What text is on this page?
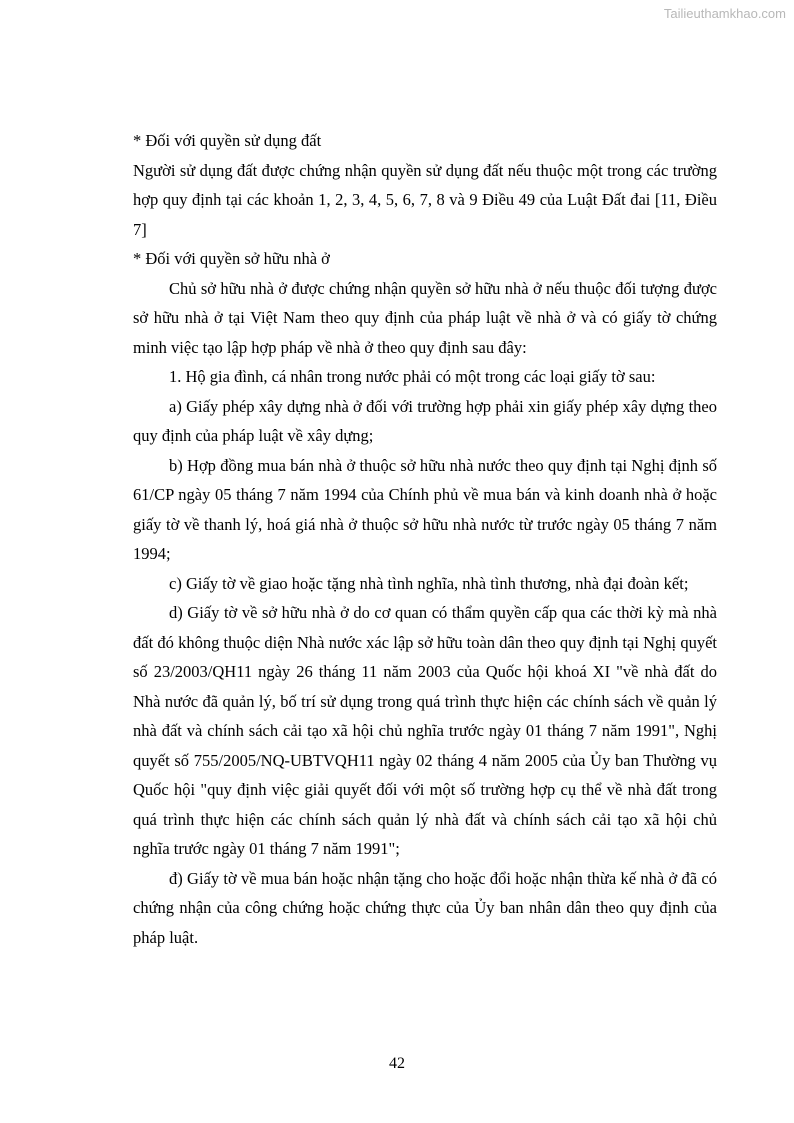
Tailieuthamkhao.com

* Đối với quyền sử dụng đất

Người sử dụng đất được chứng nhận quyền sử dụng đất nếu thuộc một trong các trường hợp quy định tại các khoản 1, 2, 3, 4, 5, 6, 7, 8 và 9 Điều 49 của Luật Đất đai [11, Điều 7]

* Đối với quyền sở hữu nhà ở

Chủ sở hữu nhà ở được chứng nhận quyền sở hữu nhà ở nếu thuộc đối tượng được sở hữu nhà ở tại Việt Nam theo quy định của pháp luật về nhà ở và có giấy tờ chứng minh việc tạo lập hợp pháp về nhà ở theo quy định sau đây:

1. Hộ gia đình, cá nhân trong nước phải có một trong các loại giấy tờ sau:

a) Giấy phép xây dựng nhà ở đối với trường hợp phải xin giấy phép xây dựng theo quy định của pháp luật về xây dựng;

b) Hợp đồng mua bán nhà ở thuộc sở hữu nhà nước theo quy định tại Nghị định số 61/CP ngày 05 tháng 7 năm 1994 của Chính phủ về mua bán và kinh doanh nhà ở hoặc giấy tờ về thanh lý, hoá giá nhà ở thuộc sở hữu nhà nước từ trước ngày 05 tháng 7 năm 1994;

c) Giấy tờ về giao hoặc tặng nhà tình nghĩa, nhà tình thương, nhà đại đoàn kết;

d) Giấy tờ về sở hữu nhà ở do cơ quan có thẩm quyền cấp qua các thời kỳ mà nhà đất đó không thuộc diện Nhà nước xác lập sở hữu toàn dân theo quy định tại Nghị quyết số 23/2003/QH11 ngày 26 tháng 11 năm 2003 của Quốc hội khoá XI "về nhà đất do Nhà nước đã quản lý, bố trí sử dụng trong quá trình thực hiện các chính sách về quản lý nhà đất và chính sách cải tạo xã hội chủ nghĩa trước ngày 01 tháng 7 năm 1991", Nghị quyết số 755/2005/NQ-UBTVQH11 ngày 02 tháng 4 năm 2005 của Ủy ban Thường vụ Quốc hội "quy định việc giải quyết đối với một số trường hợp cụ thể về nhà đất trong quá trình thực hiện các chính sách quản lý nhà đất và chính sách cải tạo xã hội chủ nghĩa trước ngày 01 tháng 7 năm 1991";

đ) Giấy tờ về mua bán hoặc nhận tặng cho hoặc đổi hoặc nhận thừa kế nhà ở đã có chứng nhận của công chứng hoặc chứng thực của Ủy ban nhân dân theo quy định của pháp luật.

42
